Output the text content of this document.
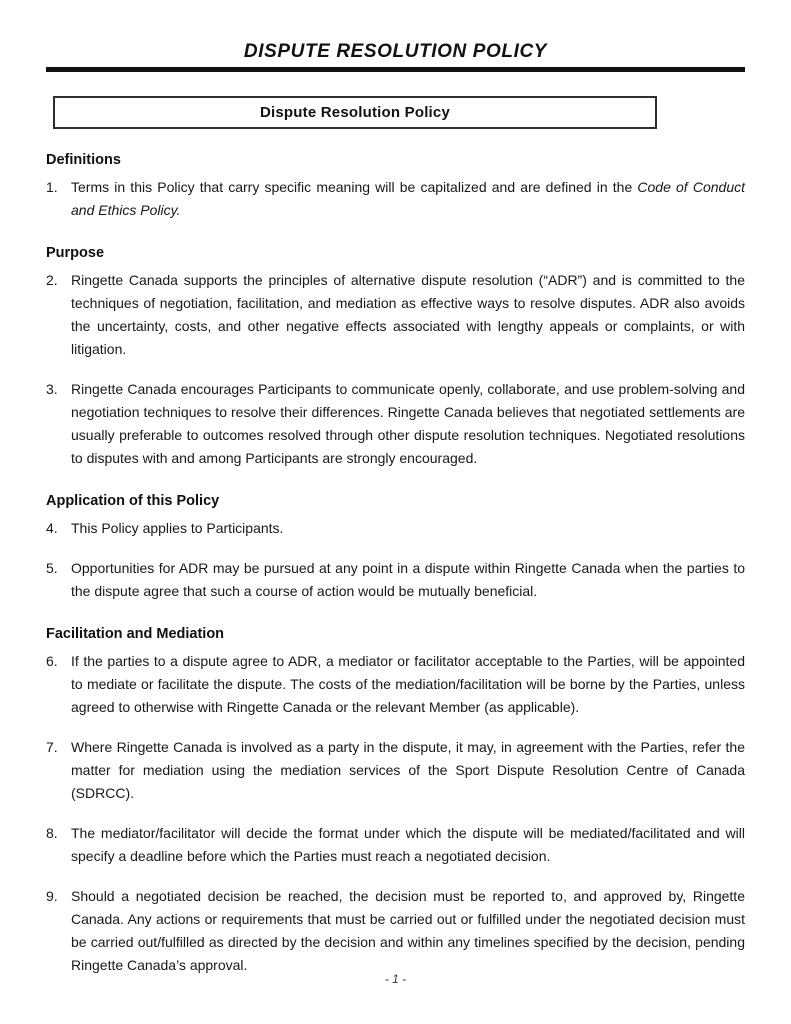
DISPUTE RESOLUTION POLICY
Dispute Resolution Policy
Definitions
1. Terms in this Policy that carry specific meaning will be capitalized and are defined in the Code of Conduct and Ethics Policy.
Purpose
2. Ringette Canada supports the principles of alternative dispute resolution (“ADR”) and is committed to the techniques of negotiation, facilitation, and mediation as effective ways to resolve disputes. ADR also avoids the uncertainty, costs, and other negative effects associated with lengthy appeals or complaints, or with litigation.
3. Ringette Canada encourages Participants to communicate openly, collaborate, and use problem-solving and negotiation techniques to resolve their differences. Ringette Canada believes that negotiated settlements are usually preferable to outcomes resolved through other dispute resolution techniques. Negotiated resolutions to disputes with and among Participants are strongly encouraged.
Application of this Policy
4. This Policy applies to Participants.
5. Opportunities for ADR may be pursued at any point in a dispute within Ringette Canada when the parties to the dispute agree that such a course of action would be mutually beneficial.
Facilitation and Mediation
6. If the parties to a dispute agree to ADR, a mediator or facilitator acceptable to the Parties, will be appointed to mediate or facilitate the dispute. The costs of the mediation/facilitation will be borne by the Parties, unless agreed to otherwise with Ringette Canada or the relevant Member (as applicable).
7. Where Ringette Canada is involved as a party in the dispute, it may, in agreement with the Parties, refer the matter for mediation using the mediation services of the Sport Dispute Resolution Centre of Canada (SDRCC).
8. The mediator/facilitator will decide the format under which the dispute will be mediated/facilitated and will specify a deadline before which the Parties must reach a negotiated decision.
9. Should a negotiated decision be reached, the decision must be reported to, and approved by, Ringette Canada. Any actions or requirements that must be carried out or fulfilled under the negotiated decision must be carried out/fulfilled as directed by the decision and within any timelines specified by the decision, pending Ringette Canada’s approval.
- 1 -
